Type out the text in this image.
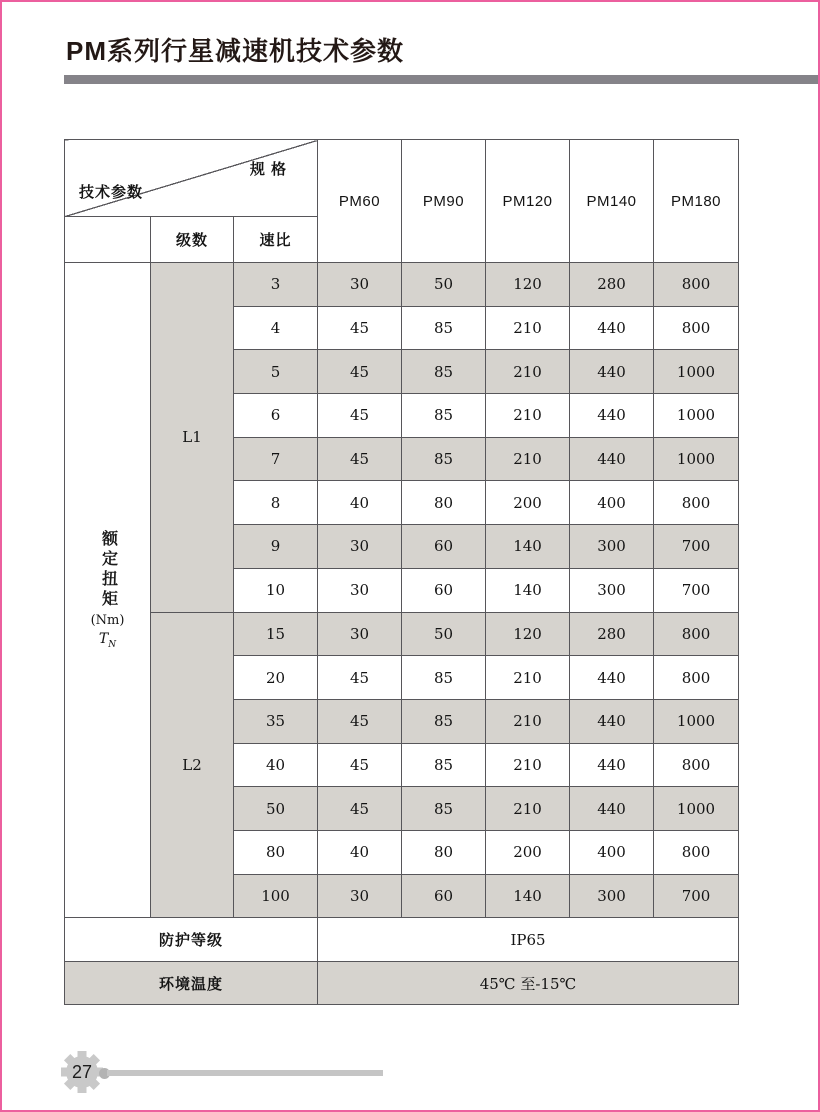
PM系列行星减速机技术参数
规 格
技术参数			PM60	PM90	PM120	PM140	PM180
	级数	速比					

额定扭矩
(Nm)
$T_N$	L1	3	30	50	120	280	800
		4	45	85	210	440	800
		5	45	85	210	440	1000
		6	45	85	210	440	1000
		7	45	85	210	440	1000
		8	40	80	200	400	800
		9	30	60	140	300	700
		10	30	60	140	300	700
	L2	15	30	50	120	280	800
		20	45	85	210	440	800
		35	45	85	210	440	1000
		40	45	85	210	440	800
		50	45	85	210	440	1000
		80	40	80	200	400	800
		100	30	60	140	300	700
防护等级			IP65				
环境温度			45℃ 至-15℃				
27
